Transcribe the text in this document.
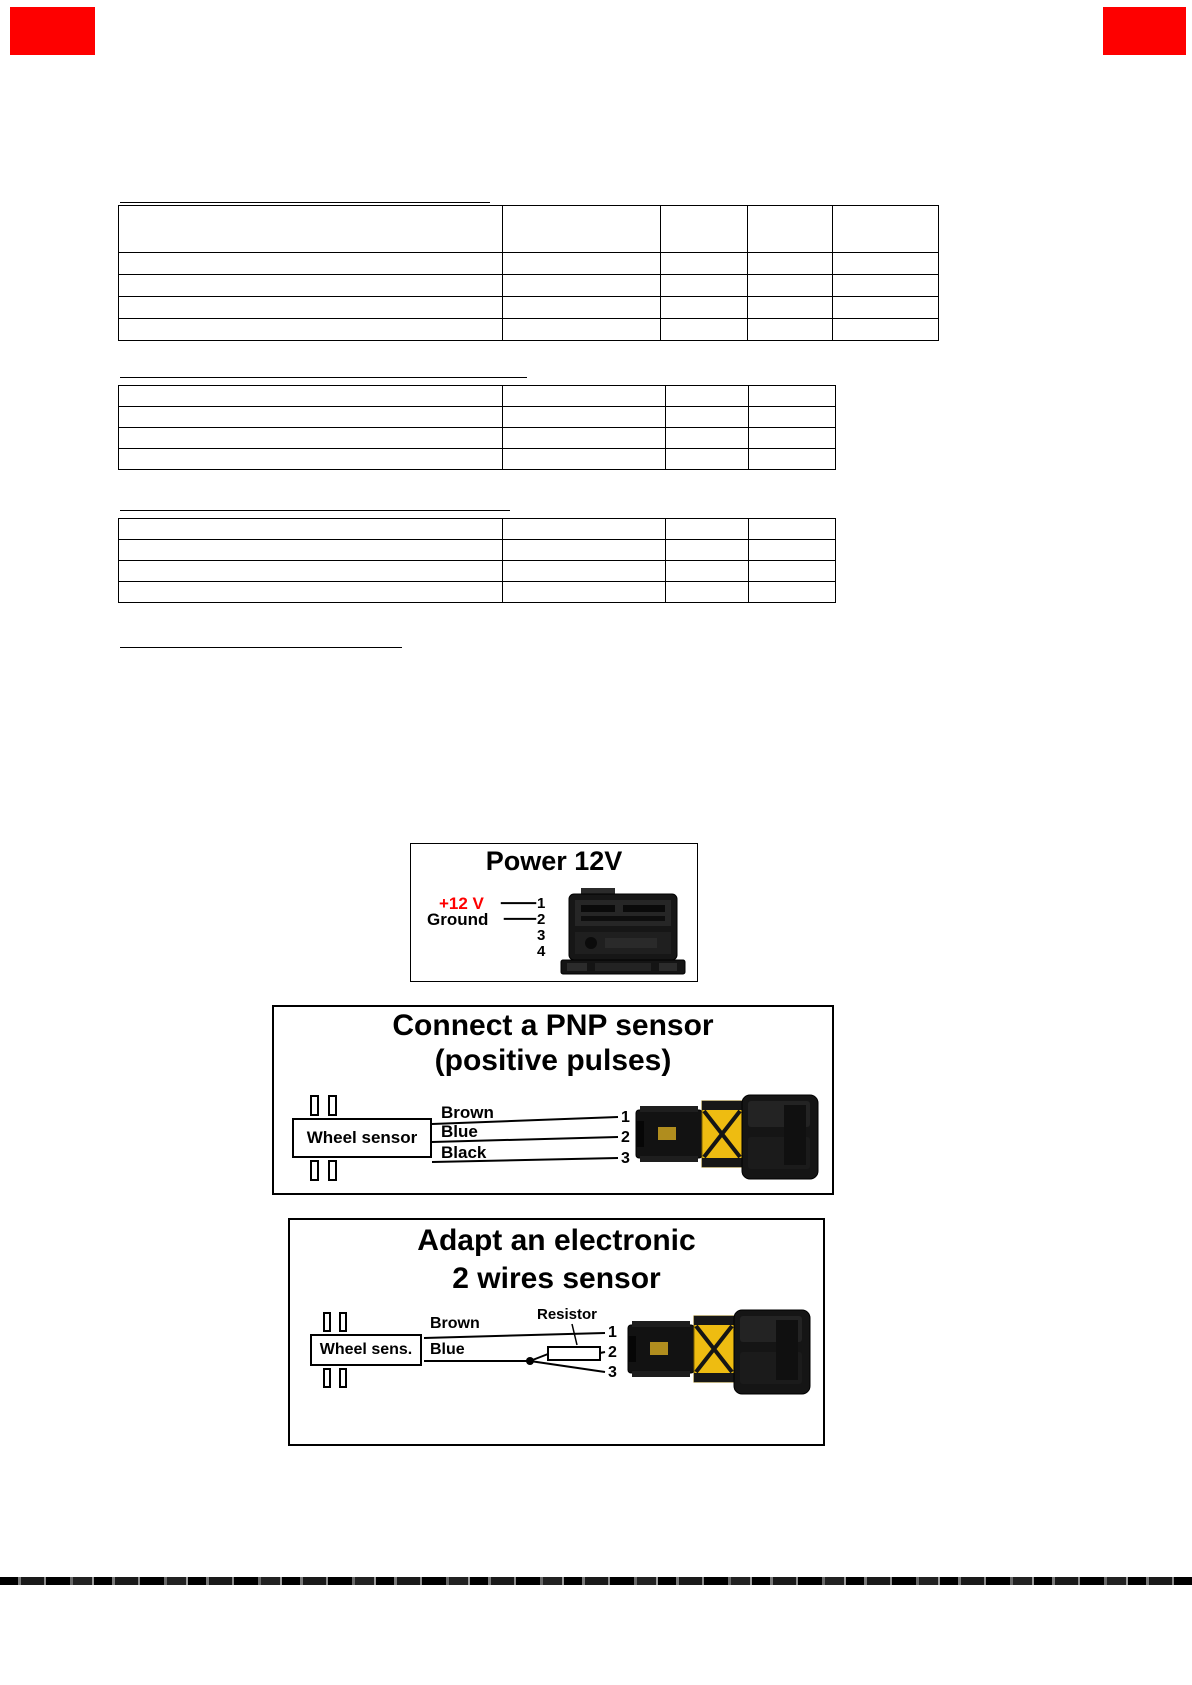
Power 12V
+12 V
Ground
1
2
3
4
Connect a PNP sensor
(positive pulses)
Wheel sensor
Brown
Blue
Black
1
2
3
Adapt an electronic
2 wires sensor
Wheel sens.
Brown
Blue
Resistor
1
2
3
